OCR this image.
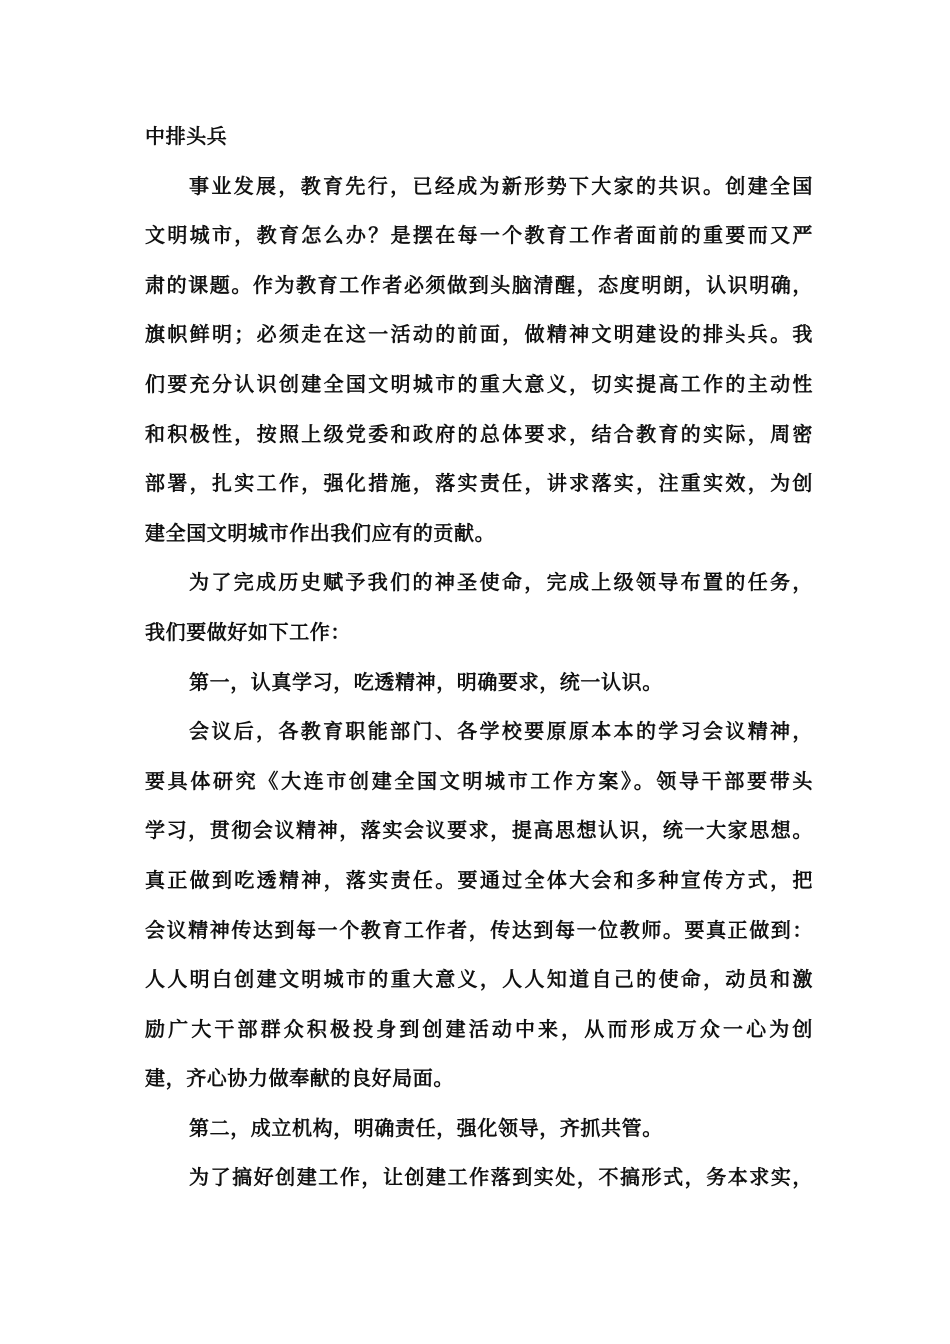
中排头兵
事业发展，教育先行，已经成为新形势下大家的共识。创建全国
文明城市，教育怎么办？是摆在每一个教育工作者面前的重要而又严
肃的课题。作为教育工作者必须做到头脑清醒，态度明朗，认识明确，
旗帜鲜明；必须走在这一活动的前面，做精神文明建设的排头兵。我
们要充分认识创建全国文明城市的重大意义，切实提高工作的主动性
和积极性，按照上级党委和政府的总体要求，结合教育的实际，周密
部署，扎实工作，强化措施，落实责任，讲求落实，注重实效，为创
建全国文明城市作出我们应有的贡献。
为了完成历史赋予我们的神圣使命，完成上级领导布置的任务，
我们要做好如下工作：
第一，认真学习，吃透精神，明确要求，统一认识。
会议后，各教育职能部门、各学校要原原本本的学习会议精神，
要具体研究《大连市创建全国文明城市工作方案》。领导干部要带头
学习，贯彻会议精神，落实会议要求，提高思想认识，统一大家思想。
真正做到吃透精神，落实责任。要通过全体大会和多种宣传方式，把
会议精神传达到每一个教育工作者，传达到每一位教师。要真正做到：
人人明白创建文明城市的重大意义，人人知道自己的使命，动员和激
励广大干部群众积极投身到创建活动中来，从而形成万众一心为创
建，齐心协力做奉献的良好局面。
第二，成立机构，明确责任，强化领导，齐抓共管。
为了搞好创建工作，让创建工作落到实处，不搞形式，务本求实，
